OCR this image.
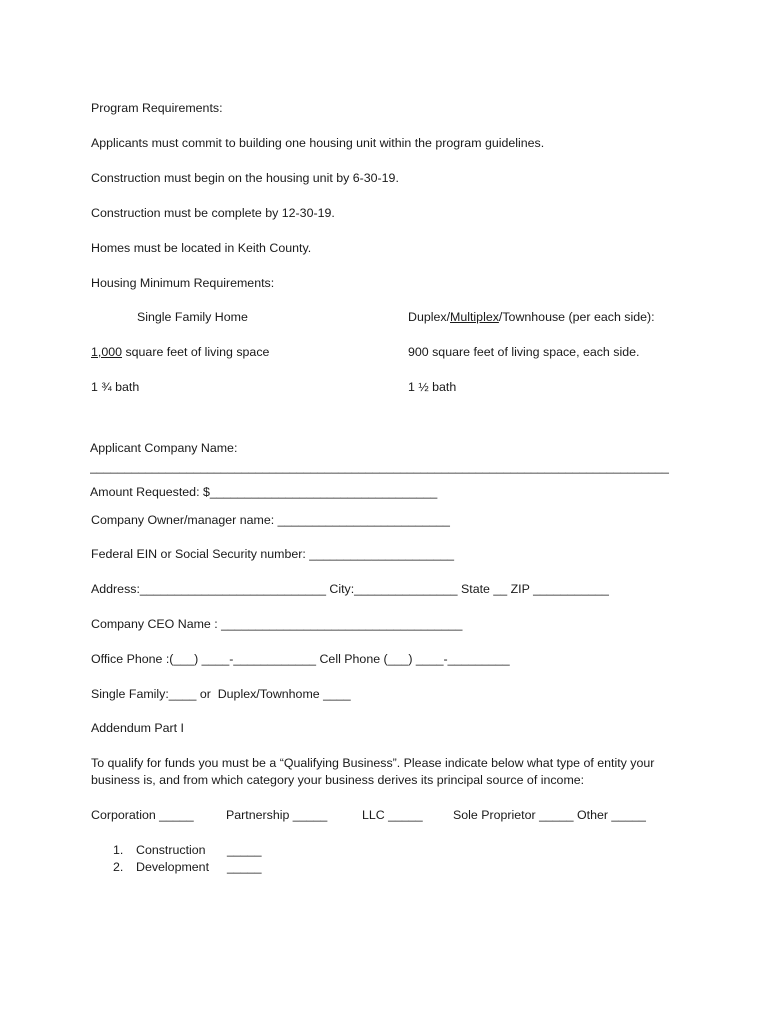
Program Requirements:
Applicants must commit to building one housing unit within the program guidelines.
Construction must begin on the housing unit by 6-30-19.
Construction must be complete by 12-30-19.
Homes must be located in Keith County.
Housing Minimum Requirements:
Single Family Home	Duplex/Multiplex/Townhouse (per each side):
1,000 square feet of living space	900 square feet of living space, each side.
1 ¾ bath	1 ½ bath
Applicant Company Name:
____________________________________________________________________________________
Amount Requested: $_________________________________
Company Owner/manager name: _________________________
Federal EIN or Social Security number: _____________________
Address:___________________________ City:_______________ State __ ZIP ___________
Company CEO Name : ___________________________________
Office Phone :(___) ____-____________ Cell Phone (___) ____-_________
Single Family:____ or  Duplex/Townhome ____
Addendum Part I
To qualify for funds you must be a “Qualifying Business”. Please indicate below what type of entity your
business is, and from which category your business derives its principal source of income:
Corporation _____	Partnership _____	LLC _____ Sole Proprietor _____ Other _____
1. Construction _____
2. Development _____
